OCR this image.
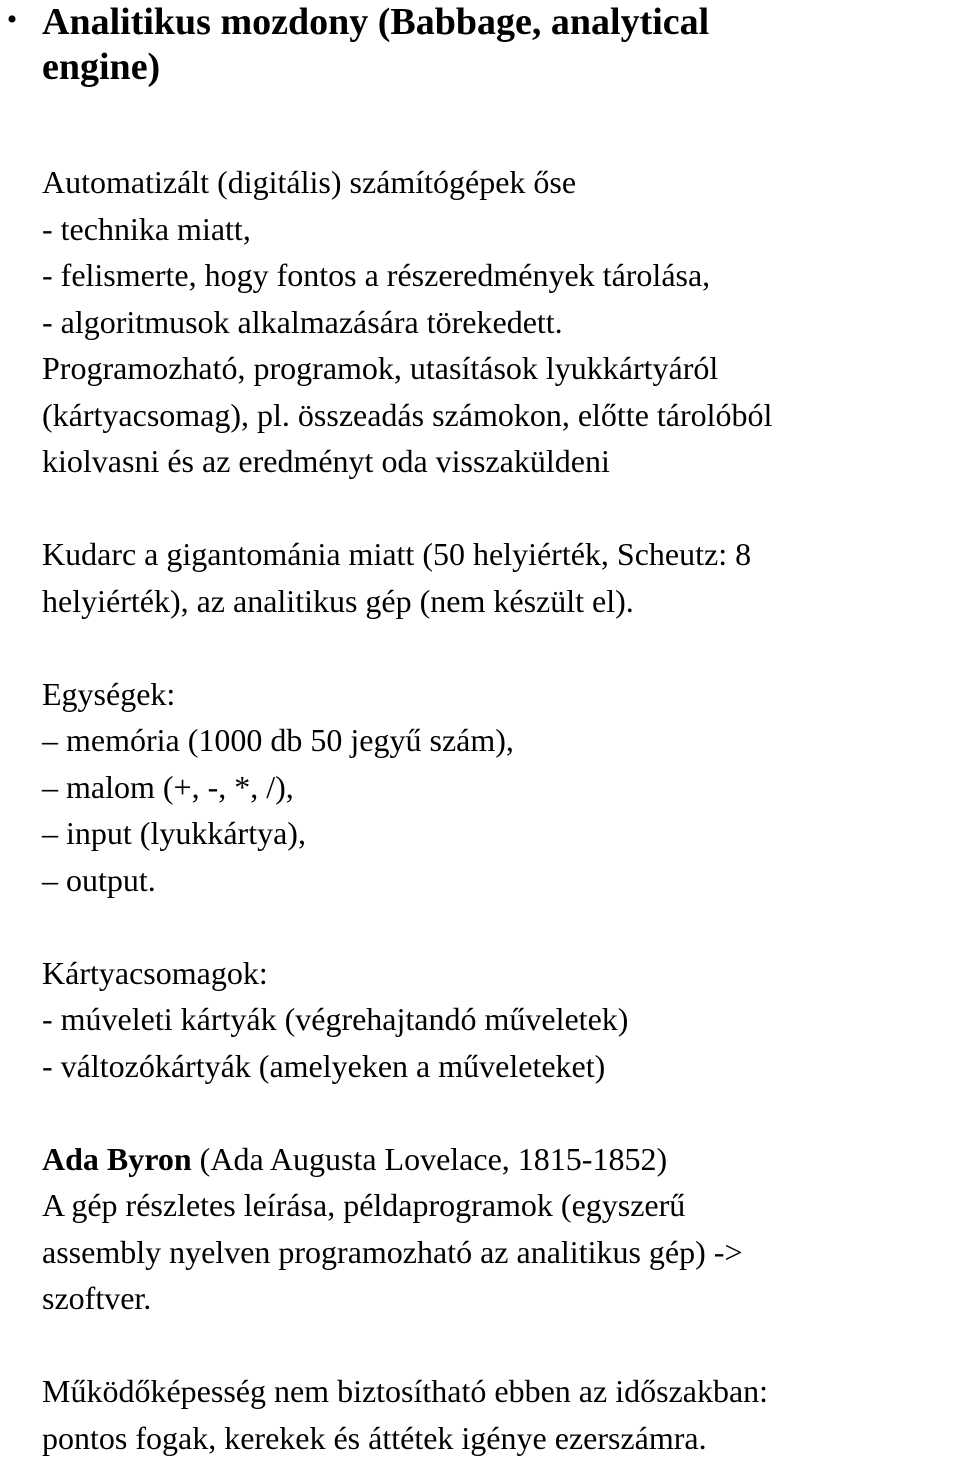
• Analitikus mozdony (Babbage, analytical
engine)
Automatizált (digitális) számítógépek őse
- technika miatt,
- felismerte, hogy fontos a részeredmények tárolása,
- algoritmusok alkalmazására törekedett.
Programozható, programok, utasítások lyukkártyáról
(kártyacsomag), pl. összeadás számokon, előtte tárolóból
kiolvasni és az eredményt oda visszaküldeni
Kudarc a gigantománia miatt (50 helyiérték, Scheutz: 8
helyiérték), az analitikus gép (nem készült el).
Egységek:
– memória (1000 db 50 jegyű szám),
– malom (+, -, *, /),
– input (lyukkártya),
– output.
Kártyacsomagok:
- múveleti kártyák (végrehajtandó műveletek)
- változókártyák (amelyeken a műveleteket)
Ada Byron (Ada Augusta Lovelace, 1815-1852)
A gép részletes leírása, példaprogramok (egyszerű
assembly nyelven programozható az analitikus gép) ->
szoftver.
Működőképesség nem biztosítható ebben az időszakban:
pontos fogak, kerekek és áttétek igénye ezerszámra.
